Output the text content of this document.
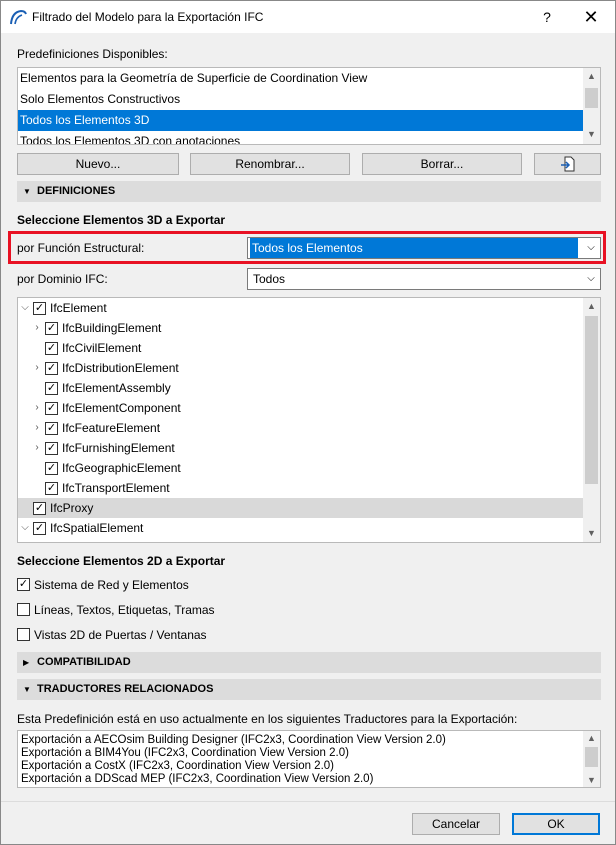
Filtrado del Modelo para la Exportación IFC	?	✕
Predefiniciones Disponibles:
Elementos para la Geometría de Superficie de Coordination View
Solo Elementos Constructivos
Todos los Elementos 3D
Todos los Elementos 3D con anotaciones
▲
▼
Nuevo...	Renombrar...	Borrar...
▼ DEFINICIONES
Seleccione Elementos 3D a Exportar
por Función Estructural:	Todos los Elementos	⌵
por Dominio IFC:	Todos	⌵
⌵ ✓ IfcElement
› ✓ IfcBuildingElement
✓ IfcCivilElement
› ✓ IfcDistributionElement
✓ IfcElementAssembly
› ✓ IfcElementComponent
› ✓ IfcFeatureElement
› ✓ IfcFurnishingElement
✓ IfcGeographicElement
✓ IfcTransportElement
✓ IfcProxy
⌵ ✓ IfcSpatialElement
▲
▼
Seleccione Elementos 2D a Exportar
✓ Sistema de Red y Elementos
Líneas, Textos, Etiquetas, Tramas
Vistas 2D de Puertas / Ventanas
▶ COMPATIBILIDAD
▼ TRADUCTORES RELACIONADOS
Esta Predefinición está en uso actualmente en los siguientes Traductores para la Exportación:
Exportación a AECOsim Building Designer (IFC2x3, Coordination View Version 2.0)
Exportación a BIM4You (IFC2x3, Coordination View Version 2.0)
Exportación a CostX (IFC2x3, Coordination View Version 2.0)
Exportación a DDScad MEP (IFC2x3, Coordination View Version 2.0)
▲
▼
Cancelar	OK
